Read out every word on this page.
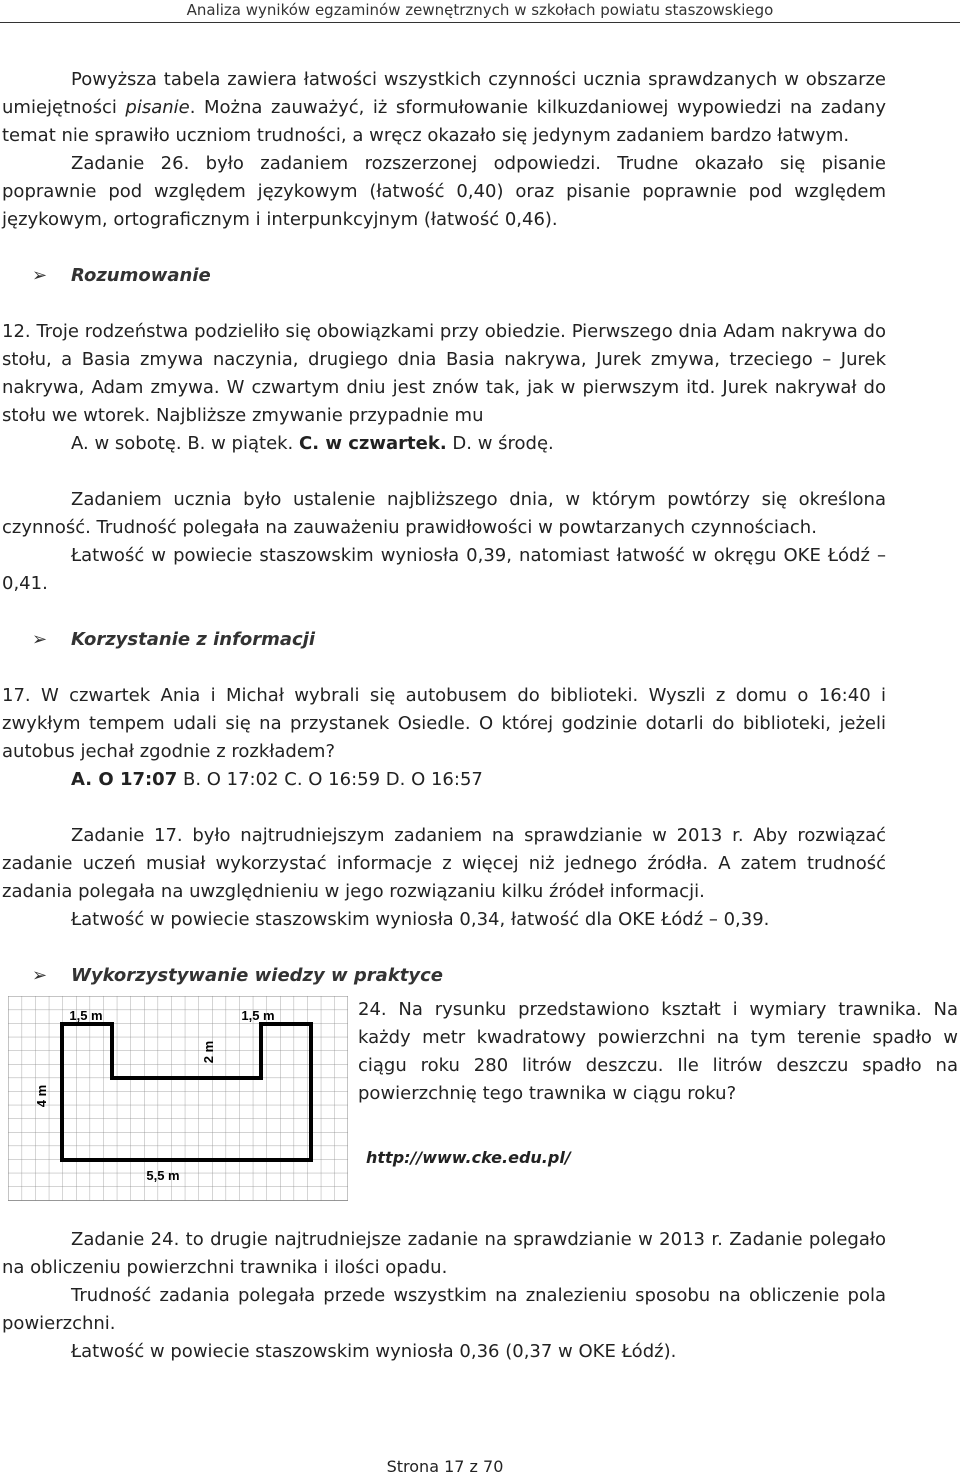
Analiza wyników egzaminów zewnętrznych w szkołach powiatu staszowskiego

Powyższa tabela zawiera łatwości wszystkich czynności ucznia sprawdzanych w obszarze umiejętności pisanie. Można zauważyć, iż sformułowanie kilkuzdaniowej wypowiedzi na zadany temat nie sprawiło uczniom trudności, a wręcz okazało się jedynym zadaniem bardzo łatwym.

Zadanie 26. było zadaniem rozszerzonej odpowiedzi. Trudne okazało się pisanie poprawnie pod względem językowym (łatwość 0,40) oraz pisanie poprawnie pod względem językowym, ortograficznym i interpunkcyjnym (łatwość 0,46).

➢ Rozumowanie

12. Troje rodzeństwa podzieliło się obowiązkami przy obiedzie. Pierwszego dnia Adam nakrywa do stołu, a Basia zmywa naczynia, drugiego dnia Basia nakrywa, Jurek zmywa, trzeciego – Jurek nakrywa, Adam zmywa. W czwartym dniu jest znów tak, jak w pierwszym itd. Jurek nakrywał do stołu we wtorek. Najbliższe zmywanie przypadnie mu

A. w sobotę. B. w piątek. C. w czwartek. D. w środę.

Zadaniem ucznia było ustalenie najbliższego dnia, w którym powtórzy się określona czynność. Trudność polegała na zauważeniu prawidłowości w powtarzanych czynnościach.

Łatwość w powiecie staszowskim wyniosła 0,39, natomiast łatwość w okręgu OKE Łódź – 0,41.

➢ Korzystanie z informacji

17. W czwartek Ania i Michał wybrali się autobusem do biblioteki. Wyszli z domu o 16:40 i zwykłym tempem udali się na przystanek Osiedle. O której godzinie dotarli do biblioteki, jeżeli autobus jechał zgodnie z rozkładem?

A. O 17:07 B. O 17:02 C. O 16:59 D. O 16:57

Zadanie 17. było najtrudniejszym zadaniem na sprawdzianie w 2013 r. Aby rozwiązać zadanie uczeń musiał wykorzystać informacje z więcej niż jednego źródła. A zatem trudność zadania polegała na uwzględnieniu w jego rozwiązaniu kilku źródeł informacji.

Łatwość w powiecie staszowskim wyniosła 0,34, łatwość dla OKE Łódź – 0,39.

➢ Wykorzystywanie wiedzy w praktyce
1,5 m	1,5 m
2 m
4 m
5,5 m

24. Na rysunku przedstawiono kształt i wymiary trawnika. Na każdy metr kwadratowy powierzchni na tym terenie spadło w ciągu roku 280 litrów deszczu. Ile litrów deszczu spadło na powierzchnię tego trawnika w ciągu roku?

http://www.cke.edu.pl/

Zadanie 24. to drugie najtrudniejsze zadanie na sprawdzianie w 2013 r. Zadanie polegało na obliczeniu powierzchni trawnika i ilości opadu.

Trudność zadania polegała przede wszystkim na znalezieniu sposobu na obliczenie pola powierzchni.

Łatwość w powiecie staszowskim wyniosła 0,36 (0,37 w OKE Łódź).

Strona 17 z 70
